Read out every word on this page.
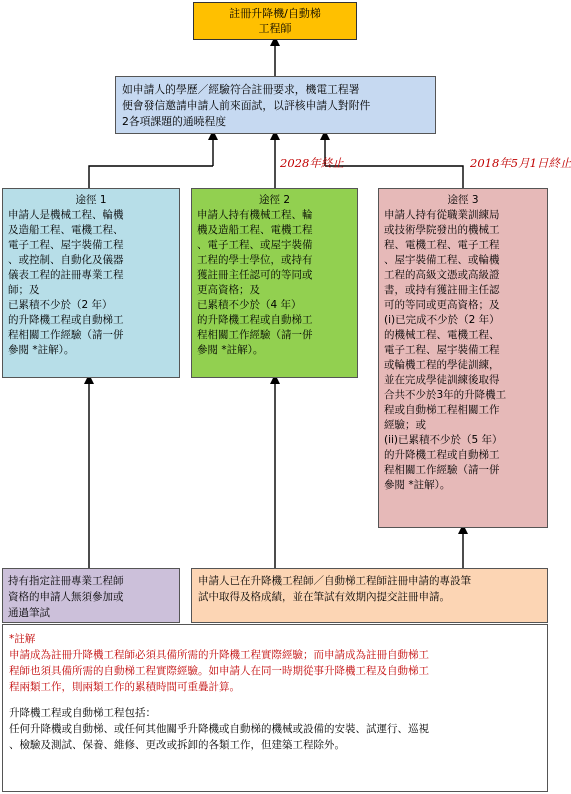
註冊升降機/自動梯
工程師
如申請人的學歷／經驗符合註冊要求，機電工程署
便會發信邀請申請人前來面試，以評核申請人對附件
2各項課題的通曉程度
2028年終止	2018年5月1日終止
途徑 1
申請人是機械工程、輪機
及造船工程、電機工程、
電子工程、屋宇裝備工程
、或控制、自動化及儀器
儀表工程的註冊專業工程
師；及
已累積不少於（2 年）
的升降機工程或自動梯工
程相關工作經驗（請一併
參閱 *註解）。
途徑 2
申請人持有機械工程、輪
機及造船工程、電機工程
、電子工程、或屋宇裝備
工程的學士學位，或持有
獲註冊主任認可的等同或
更高資格；及
已累積不少於（4 年）
的升降機工程或自動梯工
程相關工作經驗（請一併
參閱 *註解）。
途徑 3
申請人持有從職業訓練局
或技術學院發出的機械工
程、電機工程、電子工程
、屋宇裝備工程、或輪機
工程的高級文憑或高級證
書，或持有獲註冊主任認
可的等同或更高資格；及
(i)已完成不少於（2 年）
的機械工程、電機工程、
電子工程、屋宇裝備工程
或輪機工程的學徒訓練，
並在完成學徒訓練後取得
合共不少於3年的升降機工
程或自動梯工程相關工作
經驗；或
(ii)已累積不少於（5 年）
的升降機工程或自動梯工
程相關工作經驗（請一併
參閱 *註解）。
持有指定註冊專業工程師
資格的申請人無須參加或
通過筆試
申請人已在升降機工程師／自動梯工程師註冊申請的專設筆
試中取得及格成績，並在筆試有效期內提交註冊申請。
*註解
申請成為註冊升降機工程師必須具備所需的升降機工程實際經驗；而申請成為註冊自動梯工
程師也須具備所需的自動梯工程實際經驗。如申請人在同一時期從事升降機工程及自動梯工
程兩類工作，則兩類工作的累積時間可重疊計算。
升降機工程或自動梯工程包括：
任何升降機或自動梯、或任何其他關乎升降機或自動梯的機械或設備的安裝、試運行、巡視
、檢驗及測試、保養、維修、更改或拆卸的各類工作，但建築工程除外。
